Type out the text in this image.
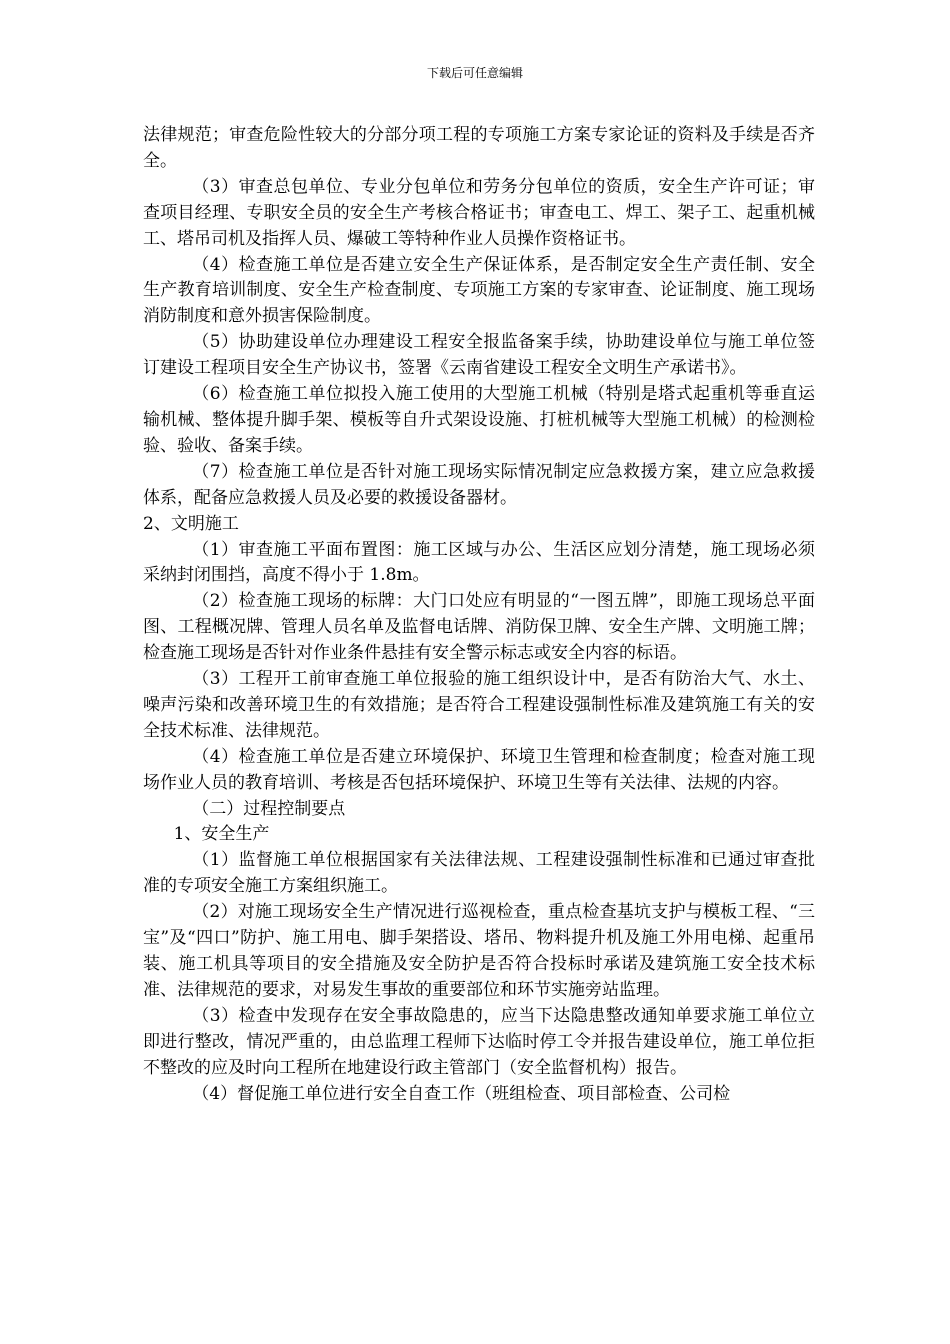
下载后可任意编辑

法律规范；审查危险性较大的分部分项工程的专项施工方案专家论证的资料及手续是否齐全。

（3）审查总包单位、专业分包单位和劳务分包单位的资质，安全生产许可证；审查项目经理、专职安全员的安全生产考核合格证书；审查电工、焊工、架子工、起重机械工、塔吊司机及指挥人员、爆破工等特种作业人员操作资格证书。

（4）检查施工单位是否建立安全生产保证体系，是否制定安全生产责任制、安全生产教育培训制度、安全生产检查制度、专项施工方案的专家审查、论证制度、施工现场消防制度和意外损害保险制度。

（5）协助建设单位办理建设工程安全报监备案手续，协助建设单位与施工单位签订建设工程项目安全生产协议书，签署《云南省建设工程安全文明生产承诺书》。

（6）检查施工单位拟投入施工使用的大型施工机械（特别是塔式起重机等垂直运输机械、整体提升脚手架、模板等自升式架设设施、打桩机械等大型施工机械）的检测检验、验收、备案手续。

（7）检查施工单位是否针对施工现场实际情况制定应急救援方案，建立应急救援体系，配备应急救援人员及必要的救援设备器材。

2、文明施工

（1）审查施工平面布置图：施工区域与办公、生活区应划分清楚，施工现场必须采纳封闭围挡，高度不得小于 1.8m。

（2）检查施工现场的标牌：大门口处应有明显的“一图五牌”，即施工现场总平面图、工程概况牌、管理人员名单及监督电话牌、消防保卫牌、安全生产牌、文明施工牌；检查施工现场是否针对作业条件悬挂有安全警示标志或安全内容的标语。

（3）工程开工前审查施工单位报验的施工组织设计中，是否有防治大气、水土、噪声污染和改善环境卫生的有效措施；是否符合工程建设强制性标准及建筑施工有关的安全技术标准、法律规范。

（4）检查施工单位是否建立环境保护、环境卫生管理和检查制度；检查对施工现场作业人员的教育培训、考核是否包括环境保护、环境卫生等有关法律、法规的内容。

（二）过程控制要点

1、安全生产

（1）监督施工单位根据国家有关法律法规、工程建设强制性标准和已通过审查批准的专项安全施工方案组织施工。

（2）对施工现场安全生产情况进行巡视检查，重点检查基坑支护与模板工程、“三宝”及“四口”防护、施工用电、脚手架搭设、塔吊、物料提升机及施工外用电梯、起重吊装、施工机具等项目的安全措施及安全防护是否符合投标时承诺及建筑施工安全技术标准、法律规范的要求，对易发生事故的重要部位和环节实施旁站监理。

（3）检查中发现存在安全事故隐患的，应当下达隐患整改通知单要求施工单位立即进行整改，情况严重的，由总监理工程师下达临时停工令并报告建设单位，施工单位拒不整改的应及时向工程所在地建设行政主管部门（安全监督机构）报告。

（4）督促施工单位进行安全自查工作（班组检查、项目部检查、公司检
